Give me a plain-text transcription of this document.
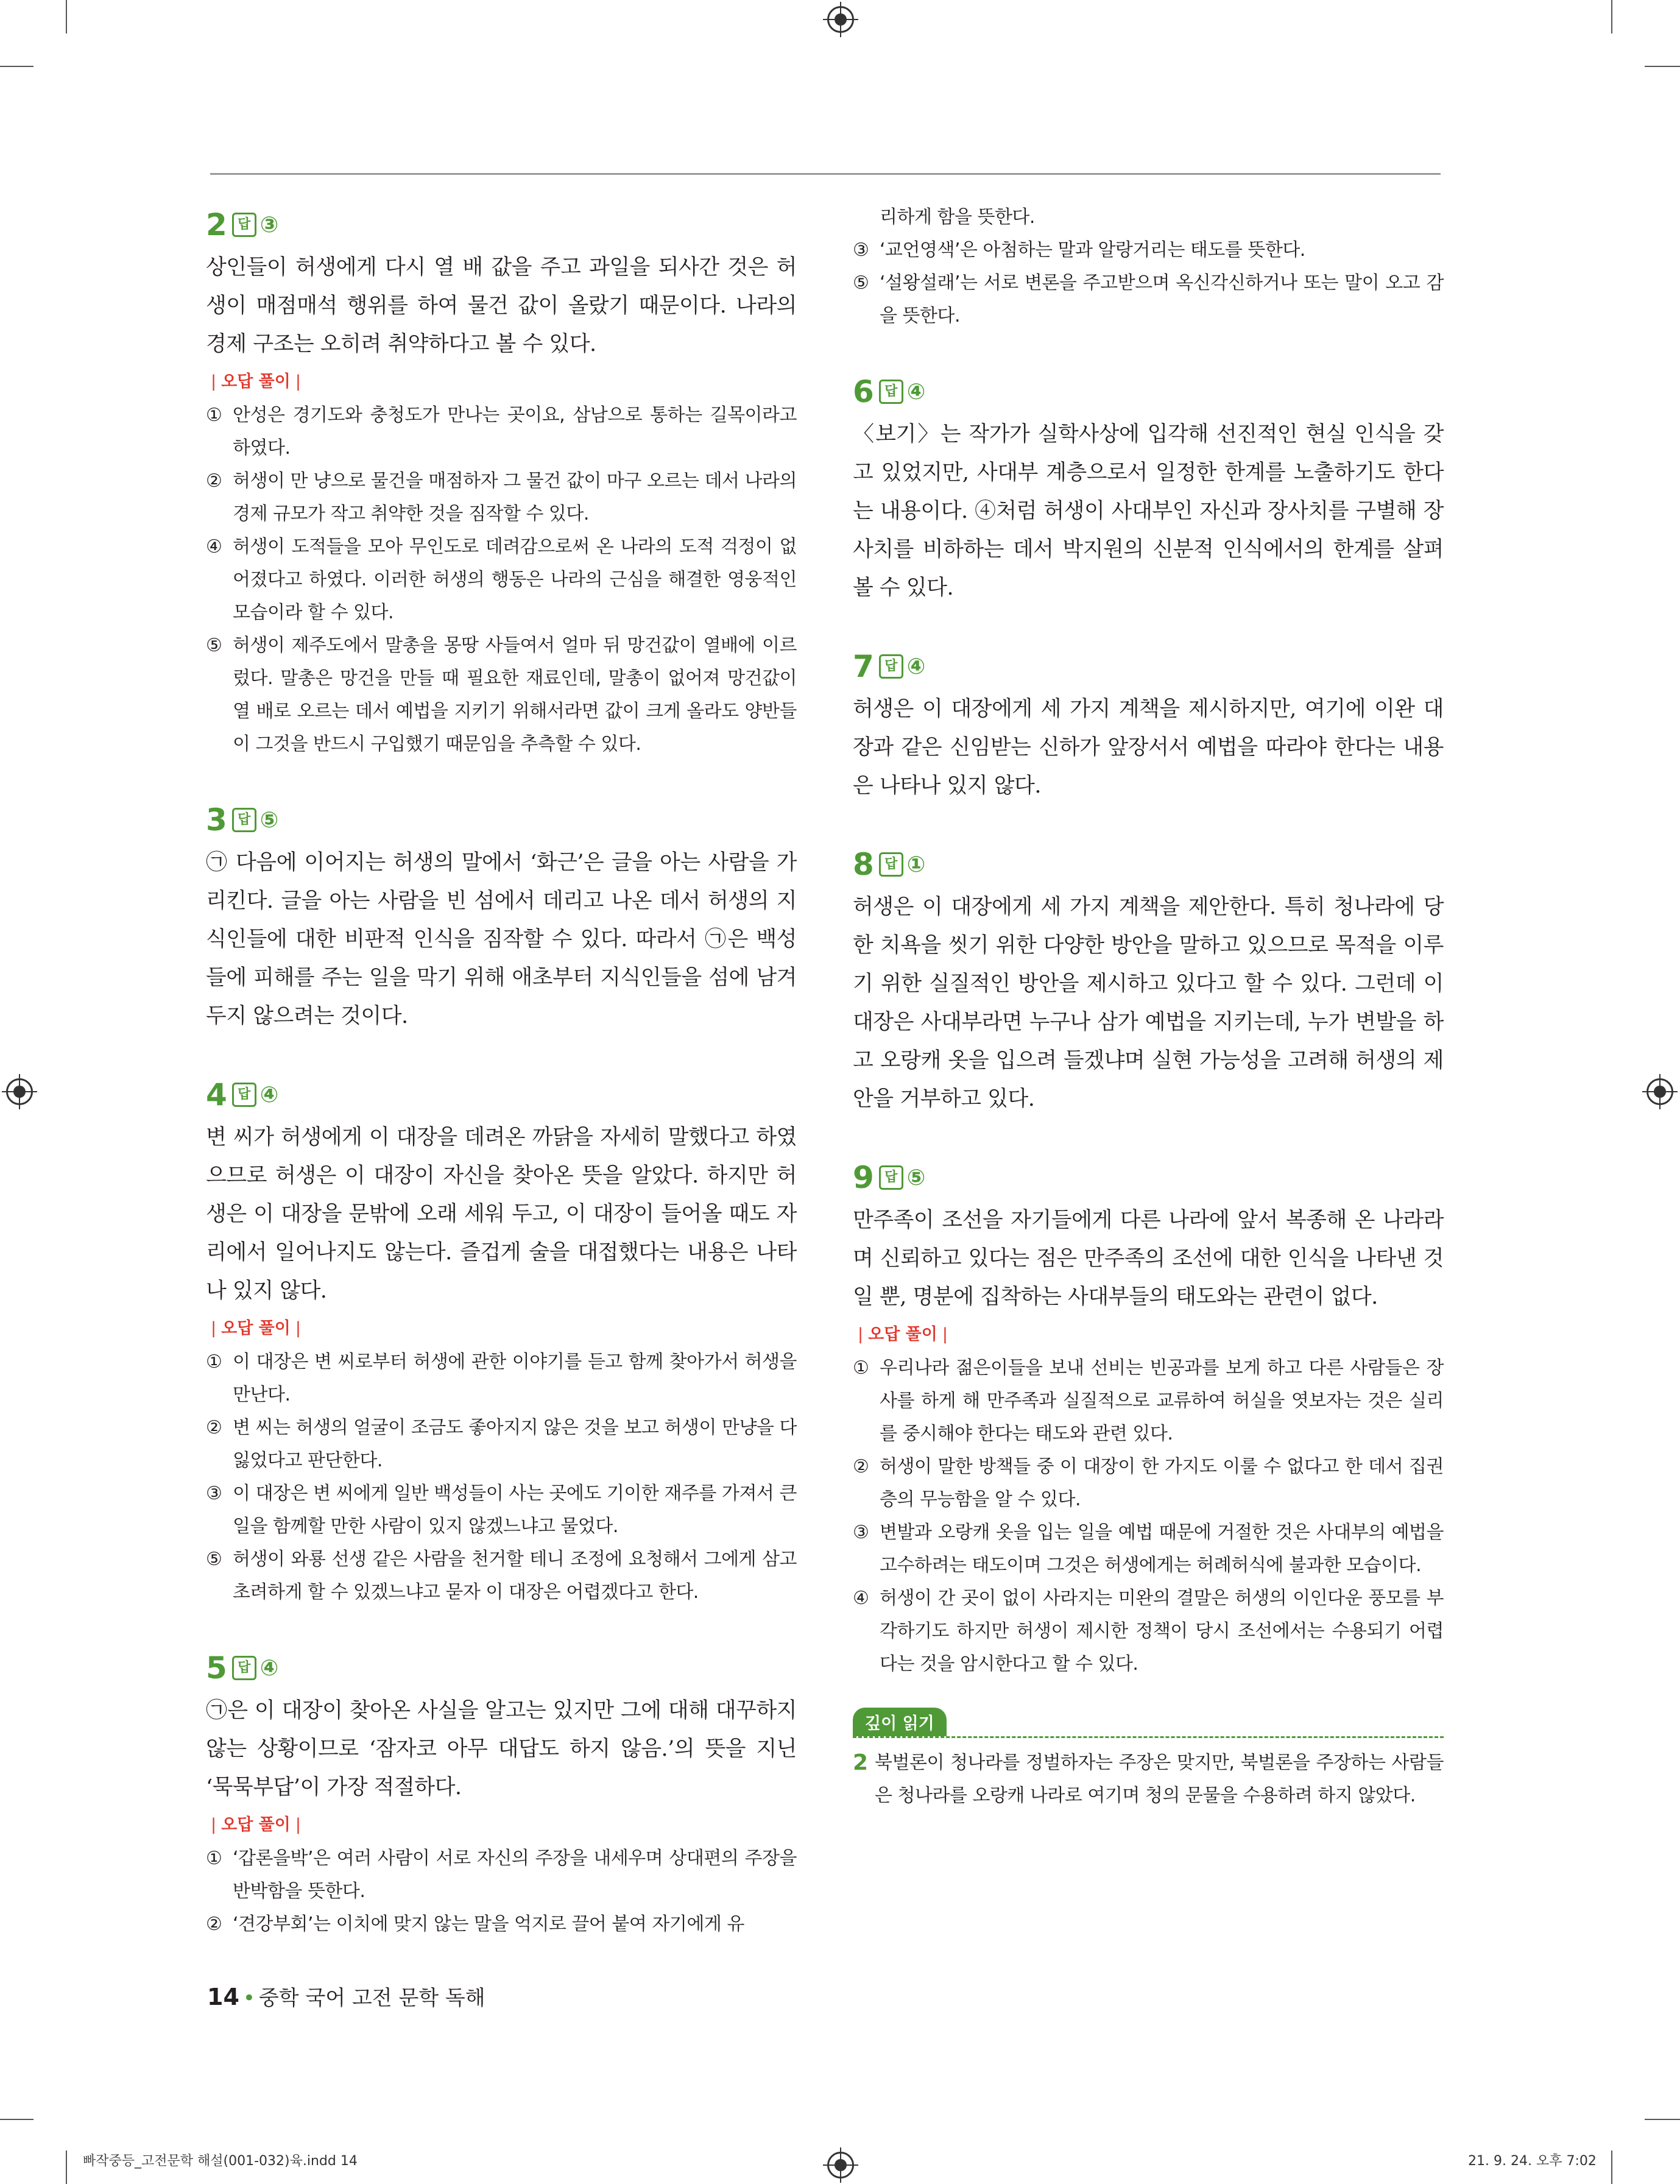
2 답 ③
상인들이 허생에게 다시 열 배 값을 주고 과일을 되사간 것은 허생이 매점매석 행위를 하여 물건 값이 올랐기 때문이다. 나라의 경제 구조는 오히려 취약하다고 볼 수 있다.
| 오답 풀이 |
① 안성은 경기도와 충청도가 만나는 곳이요, 삼남으로 통하는 길목이라고 하였다.
② 허생이 만 냥으로 물건을 매점하자 그 물건 값이 마구 오르는 데서 나라의 경제 규모가 작고 취약한 것을 짐작할 수 있다.
④ 허생이 도적들을 모아 무인도로 데려감으로써 온 나라의 도적 걱정이 없어졌다고 하였다. 이러한 허생의 행동은 나라의 근심을 해결한 영웅적인 모습이라 할 수 있다.
⑤ 허생이 제주도에서 말총을 몽땅 사들여서 얼마 뒤 망건값이 열배에 이르렀다. 말총은 망건을 만들 때 필요한 재료인데, 말총이 없어져 망건값이 열 배로 오르는 데서 예법을 지키기 위해서라면 값이 크게 올라도 양반들이 그것을 반드시 구입했기 때문임을 추측할 수 있다.
3 답 ⑤
㉠ 다음에 이어지는 허생의 말에서 ‘화근’은 글을 아는 사람을 가리킨다. 글을 아는 사람을 빈 섬에서 데리고 나온 데서 허생의 지식인들에 대한 비판적 인식을 짐작할 수 있다. 따라서 ㉠은 백성들에 피해를 주는 일을 막기 위해 애초부터 지식인들을 섬에 남겨 두지 않으려는 것이다.
4 답 ④
변 씨가 허생에게 이 대장을 데려온 까닭을 자세히 말했다고 하였으므로 허생은 이 대장이 자신을 찾아온 뜻을 알았다. 하지만 허생은 이 대장을 문밖에 오래 세워 두고, 이 대장이 들어올 때도 자리에서 일어나지도 않는다. 즐겁게 술을 대접했다는 내용은 나타나 있지 않다.
| 오답 풀이 |
① 이 대장은 변 씨로부터 허생에 관한 이야기를 듣고 함께 찾아가서 허생을 만난다.
② 변 씨는 허생의 얼굴이 조금도 좋아지지 않은 것을 보고 허생이 만냥을 다 잃었다고 판단한다.
③ 이 대장은 변 씨에게 일반 백성들이 사는 곳에도 기이한 재주를 가져서 큰일을 함께할 만한 사람이 있지 않겠느냐고 물었다.
⑤ 허생이 와룡 선생 같은 사람을 천거할 테니 조정에 요청해서 그에게 삼고초려하게 할 수 있겠느냐고 묻자 이 대장은 어렵겠다고 한다.
5 답 ④
㉠은 이 대장이 찾아온 사실을 알고는 있지만 그에 대해 대꾸하지 않는 상황이므로 ‘잠자코 아무 대답도 하지 않음.’의 뜻을 지닌 ‘묵묵부답’이 가장 적절하다.
| 오답 풀이 |
① ‘갑론을박’은 여러 사람이 서로 자신의 주장을 내세우며 상대편의 주장을 반박함을 뜻한다.
② ‘견강부회’는 이치에 맞지 않는 말을 억지로 끌어 붙여 자기에게 유
리하게 함을 뜻한다.
③ ‘교언영색’은 아첨하는 말과 알랑거리는 태도를 뜻한다.
⑤ ‘설왕설래’는 서로 변론을 주고받으며 옥신각신하거나 또는 말이 오고 감을 뜻한다.
6 답 ④
〈보기〉는 작가가 실학사상에 입각해 선진적인 현실 인식을 갖고 있었지만, 사대부 계층으로서 일정한 한계를 노출하기도 한다는 내용이다. ④처럼 허생이 사대부인 자신과 장사치를 구별해 장사치를 비하하는 데서 박지원의 신분적 인식에서의 한계를 살펴볼 수 있다.
7 답 ④
허생은 이 대장에게 세 가지 계책을 제시하지만, 여기에 이완 대장과 같은 신임받는 신하가 앞장서서 예법을 따라야 한다는 내용은 나타나 있지 않다.
8 답 ①
허생은 이 대장에게 세 가지 계책을 제안한다. 특히 청나라에 당한 치욕을 씻기 위한 다양한 방안을 말하고 있으므로 목적을 이루기 위한 실질적인 방안을 제시하고 있다고 할 수 있다. 그런데 이 대장은 사대부라면 누구나 삼가 예법을 지키는데, 누가 변발을 하고 오랑캐 옷을 입으려 들겠냐며 실현 가능성을 고려해 허생의 제안을 거부하고 있다.
9 답 ⑤
만주족이 조선을 자기들에게 다른 나라에 앞서 복종해 온 나라라며 신뢰하고 있다는 점은 만주족의 조선에 대한 인식을 나타낸 것일 뿐, 명분에 집착하는 사대부들의 태도와는 관련이 없다.
| 오답 풀이 |
① 우리나라 젊은이들을 보내 선비는 빈공과를 보게 하고 다른 사람들은 장사를 하게 해 만주족과 실질적으로 교류하여 허실을 엿보자는 것은 실리를 중시해야 한다는 태도와 관련 있다.
② 허생이 말한 방책들 중 이 대장이 한 가지도 이룰 수 없다고 한 데서 집권층의 무능함을 알 수 있다.
③ 변발과 오랑캐 옷을 입는 일을 예법 때문에 거절한 것은 사대부의 예법을 고수하려는 태도이며 그것은 허생에게는 허례허식에 불과한 모습이다.
④ 허생이 간 곳이 없이 사라지는 미완의 결말은 허생의 이인다운 풍모를 부각하기도 하지만 허생이 제시한 정책이 당시 조선에서는 수용되기 어렵다는 것을 암시한다고 할 수 있다.
깊이 읽기
2 북벌론이 청나라를 정벌하자는 주장은 맞지만, 북벌론을 주장하는 사람들은 청나라를 오랑캐 나라로 여기며 청의 문물을 수용하려 하지 않았다.
14 • 중학 국어 고전 문학 독해
빠작중등_고전문학 해설(001-032)육.indd 14	21. 9. 24. 오후 7:02
